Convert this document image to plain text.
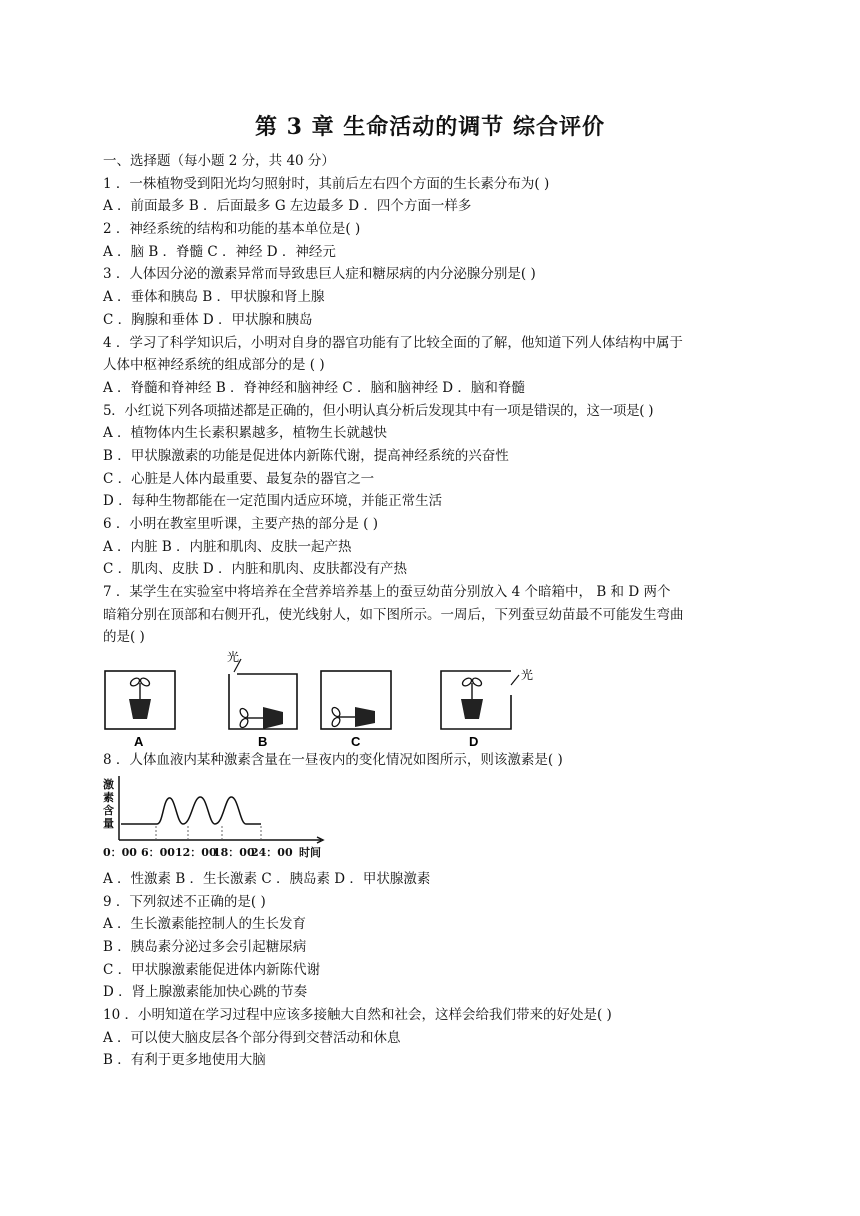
第 3 章 生命活动的调节 综合评价
一、选择题（每小题 2 分，共 40 分）
1 ．一株植物受到阳光均匀照射时，其前后左右四个方面的生长素分布为( )
A ．前面最多 B ．后面最多 G 左边最多 D ．四个方面一样多
2 ．神经系统的结构和功能的基本单位是( )
A ．脑 B ．脊髓 C ．神经 D ．神经元
3 ．人体因分泌的激素异常而导致患巨人症和糖尿病的内分泌腺分别是( )
A ．垂体和胰岛 B ．甲状腺和肾上腺
C ．胸腺和垂体 D ．甲状腺和胰岛
4 ．学习了科学知识后，小明对自身的器官功能有了比较全面的了解，他知道下列人体结构中属于
人体中枢神经系统的组成部分的是 ( )
A ．脊髓和脊神经 B ．脊神经和脑神经 C ．脑和脑神经 D ．脑和脊髓
5．小红说下列各项描述都是正确的，但小明认真分析后发现其中有一项是错误的，这一项是( )
A ．植物体内生长素积累越多，植物生长就越快
B ．甲状腺激素的功能是促进体内新陈代谢，提高神经系统的兴奋性
C ．心脏是人体内最重要、最复杂的器官之一
D ．每种生物都能在一定范围内适应环境，并能正常生活
6 ．小明在教室里听课，主要产热的部分是 ( )
A ．内脏 B ．内脏和肌肉、皮肤一起产热
C ．肌肉、皮肤 D ．内脏和肌肉、皮肤都没有产热
7 ．某学生在实验室中将培养在全营养培养基上的蚕豆幼苗分别放入 4 个暗箱中， B 和 D 两个
暗箱分别在顶部和右侧开孔，使光线射人，如下图所示。一周后，下列蚕豆幼苗最不可能发生弯曲
的是( )
A	B	C	D
光
光
8 ．人体血液内某种激素含量在一昼夜内的变化情况如图所示，则该激素是( )
激
素
含
量
0：00 6：00 12：00
18：00
24：00 时间
A ．性激素 B ．生长激素 C ．胰岛素 D ．甲状腺激素
9 ．下列叙述不正确的是( )
A ．生长激素能控制人的生长发育
B ．胰岛素分泌过多会引起糖尿病
C ．甲状腺激素能促进体内新陈代谢
D ．肾上腺激素能加快心跳的节奏
10 ．小明知道在学习过程中应该多接触大自然和社会，这样会给我们带来的好处是( )
A ．可以使大脑皮层各个部分得到交替活动和休息
B ．有利于更多地使用大脑
